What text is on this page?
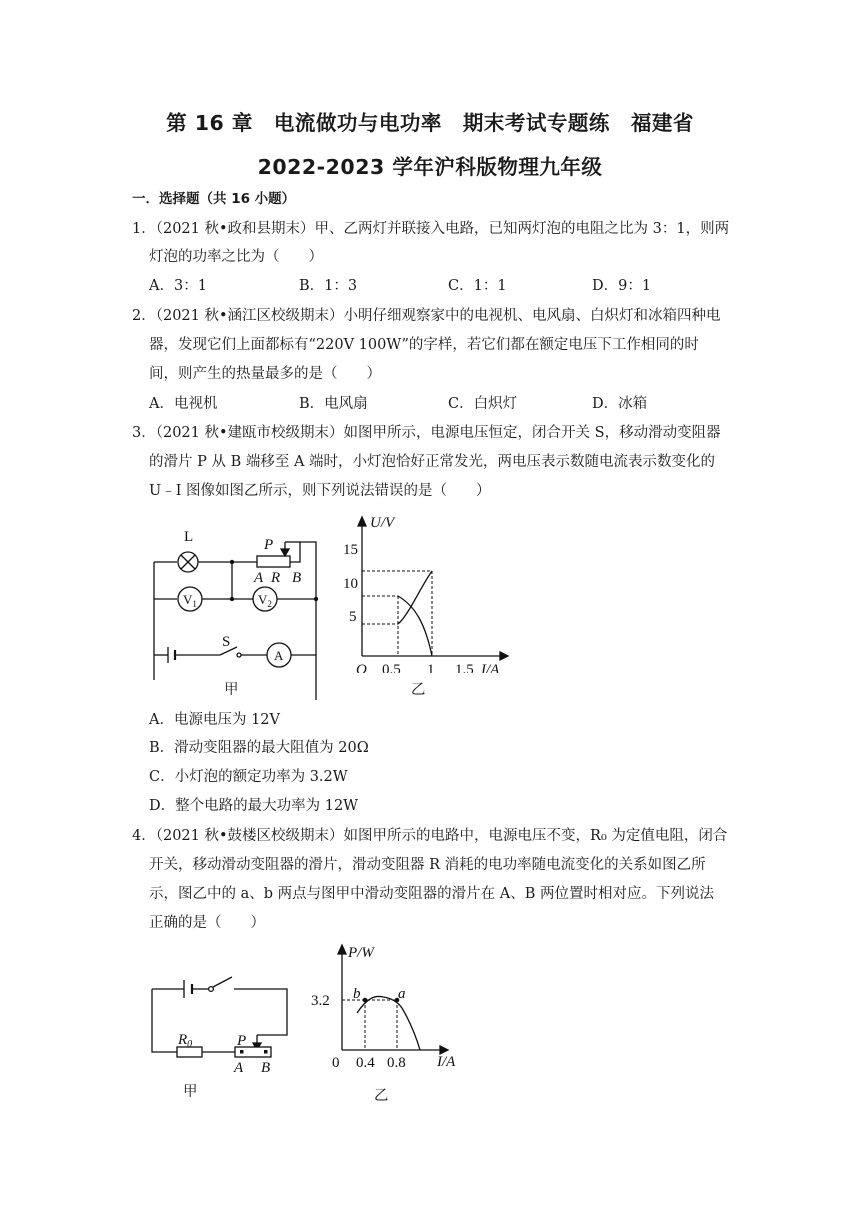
第 16 章　电流做功与电功率　期末考试专题练　福建省
2022-2023 学年沪科版物理九年级
一．选择题（共 16 小题）
1．（2021 秋•政和县期末）甲、乙两灯并联接入电路，已知两灯泡的电阻之比为 3：1，则两
灯泡的功率之比为（　　）
A．3：1	B．1：3	C．1：1	D．9：1
2．（2021 秋•涵江区校级期末）小明仔细观察家中的电视机、电风扇、白炽灯和冰箱四种电
器，发现它们上面都标有“220V 100W”的字样，若它们都在额定电压下工作相同的时
间，则产生的热量最多的是（　　）
A．电视机	B．电风扇	C．白炽灯	D．冰箱
3．（2021 秋•建瓯市校级期末）如图甲所示，电源电压恒定，闭合开关 S，移动滑动变阻器
的滑片 P 从 B 端移至 A 端时，小灯泡恰好正常发光，两电压表示数随电流表示数变化的
U﹣I 图像如图乙所示，则下列说法错误的是（　　）
L	P
A R B
$V_1$	$V_2$
S
A
甲
U/V
15
10
5
O 0.5 1 1.5 I/A
乙
A．电源电压为 12V
B．滑动变阻器的最大阻值为 20Ω
C．小灯泡的额定功率为 3.2W
D．整个电路的最大功率为 12W
4．（2021 秋•鼓楼区校级期末）如图甲所示的电路中，电源电压不变，R₀ 为定值电阻，闭合
开关，移动滑动变阻器的滑片，滑动变阻器 R 消耗的电功率随电流变化的关系如图乙所
示，图乙中的 a、b 两点与图甲中滑动变阻器的滑片在 A、B 两位置时相对应。下列说法
正确的是（　　）
$R_0$	P
A B
甲
P/W
3.2 b	a
0 0.4 0.8 I/A
乙
